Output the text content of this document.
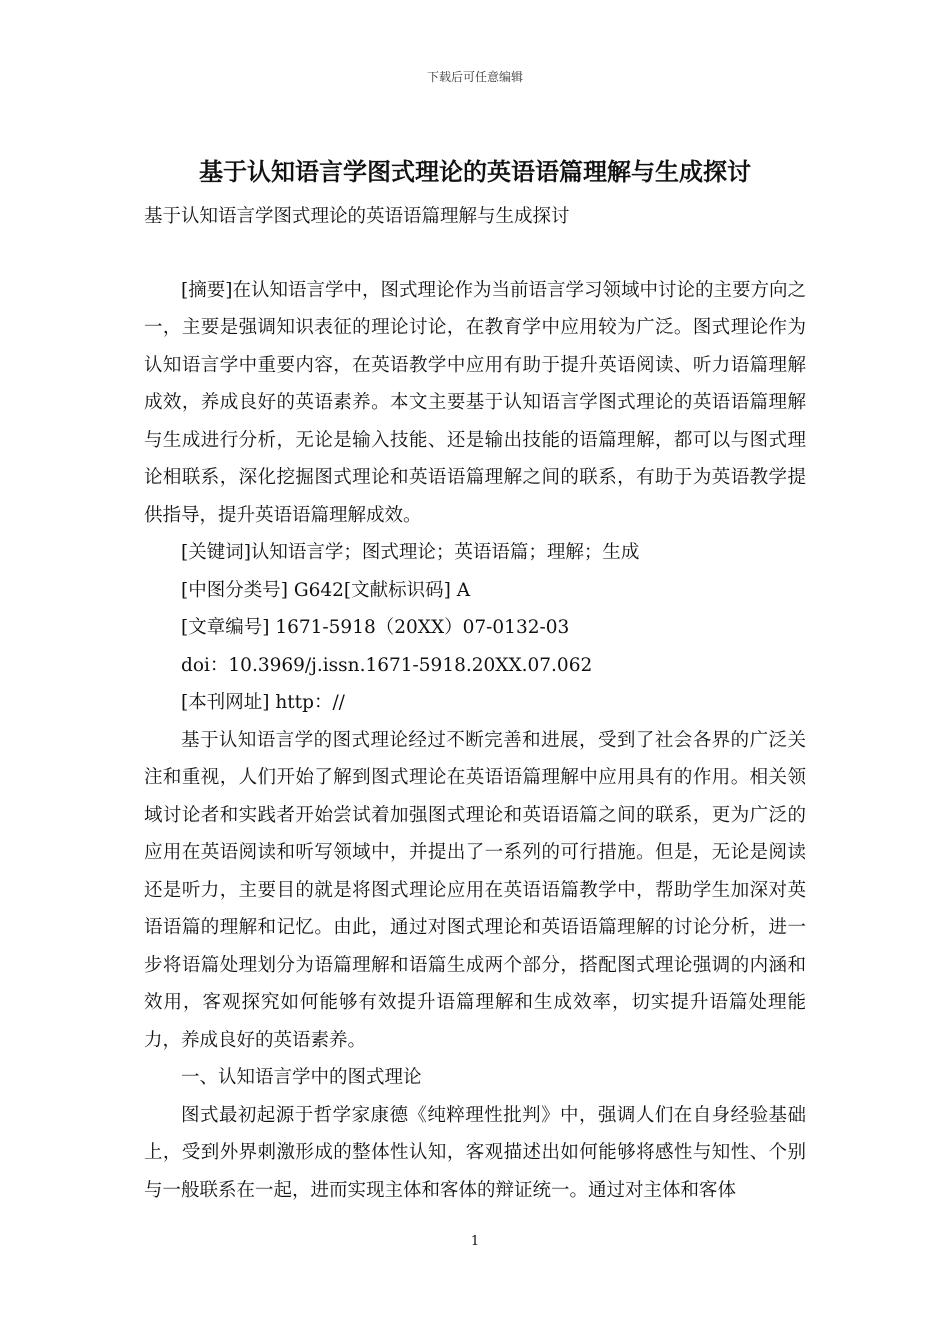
下载后可任意编辑
基于认知语言学图式理论的英语语篇理解与生成探讨

基于认知语言学图式理论的英语语篇理解与生成探讨

[摘要]在认知语言学中，图式理论作为当前语言学习领域中讨论的主要方向之一，主要是强调知识表征的理论讨论，在教育学中应用较为广泛。图式理论作为认知语言学中重要内容，在英语教学中应用有助于提升英语阅读、听力语篇理解成效，养成良好的英语素养。本文主要基于认知语言学图式理论的英语语篇理解与生成进行分析，无论是输入技能、还是输出技能的语篇理解，都可以与图式理论相联系，深化挖掘图式理论和英语语篇理解之间的联系，有助于为英语教学提供指导，提升英语语篇理解成效。

[关键词]认知语言学；图式理论；英语语篇；理解；生成

[中图分类号] G642[文献标识码] A

[文章编号] 1671-5918（20XX）07-0132-03

doi：10.3969/j.issn.1671-5918.20XX.07.062

[本刊网址] http：//

基于认知语言学的图式理论经过不断完善和进展，受到了社会各界的广泛关注和重视，人们开始了解到图式理论在英语语篇理解中应用具有的作用。相关领域讨论者和实践者开始尝试着加强图式理论和英语语篇之间的联系，更为广泛的应用在英语阅读和听写领域中，并提出了一系列的可行措施。但是，无论是阅读还是听力，主要目的就是将图式理论应用在英语语篇教学中，帮助学生加深对英语语篇的理解和记忆。由此，通过对图式理论和英语语篇理解的讨论分析，进一步将语篇处理划分为语篇理解和语篇生成两个部分，搭配图式理论强调的内涵和效用，客观探究如何能够有效提升语篇理解和生成效率，切实提升语篇处理能力，养成良好的英语素养。

一、认知语言学中的图式理论

图式最初起源于哲学家康德《纯粹理性批判》中，强调人们在自身经验基础上，受到外界刺激形成的整体性认知，客观描述出如何能够将感性与知性、个别与一般联系在一起，进而实现主体和客体的辩证统一。通过对主体和客体

1
